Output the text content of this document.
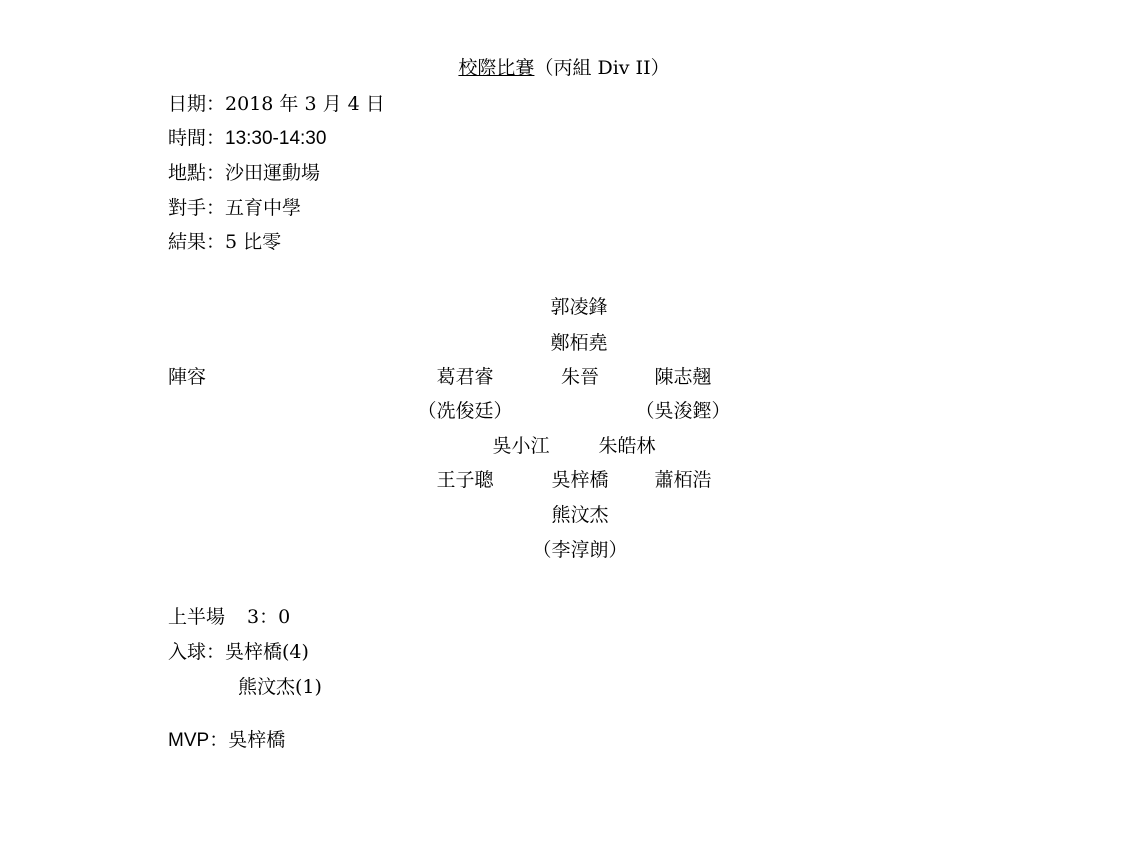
校際比賽（丙組 Div II）
日期：2018 年 3 月 4 日
時間：13:30-14:30
地點：沙田運動場
對手：五育中學
結果：5 比零
陣容
郭凌鋒
鄭栢堯
葛君睿	朱晉	陳志翹
（冼俊廷）	（吳浚鏗）
吳小江	朱皓林
王子聰	吳梓橋 蕭栢浩
熊汶杰
（李淳朗）
上半場 3：0
入球：吳梓橋(4)
熊汶杰(1)
MVP：吳梓橋
